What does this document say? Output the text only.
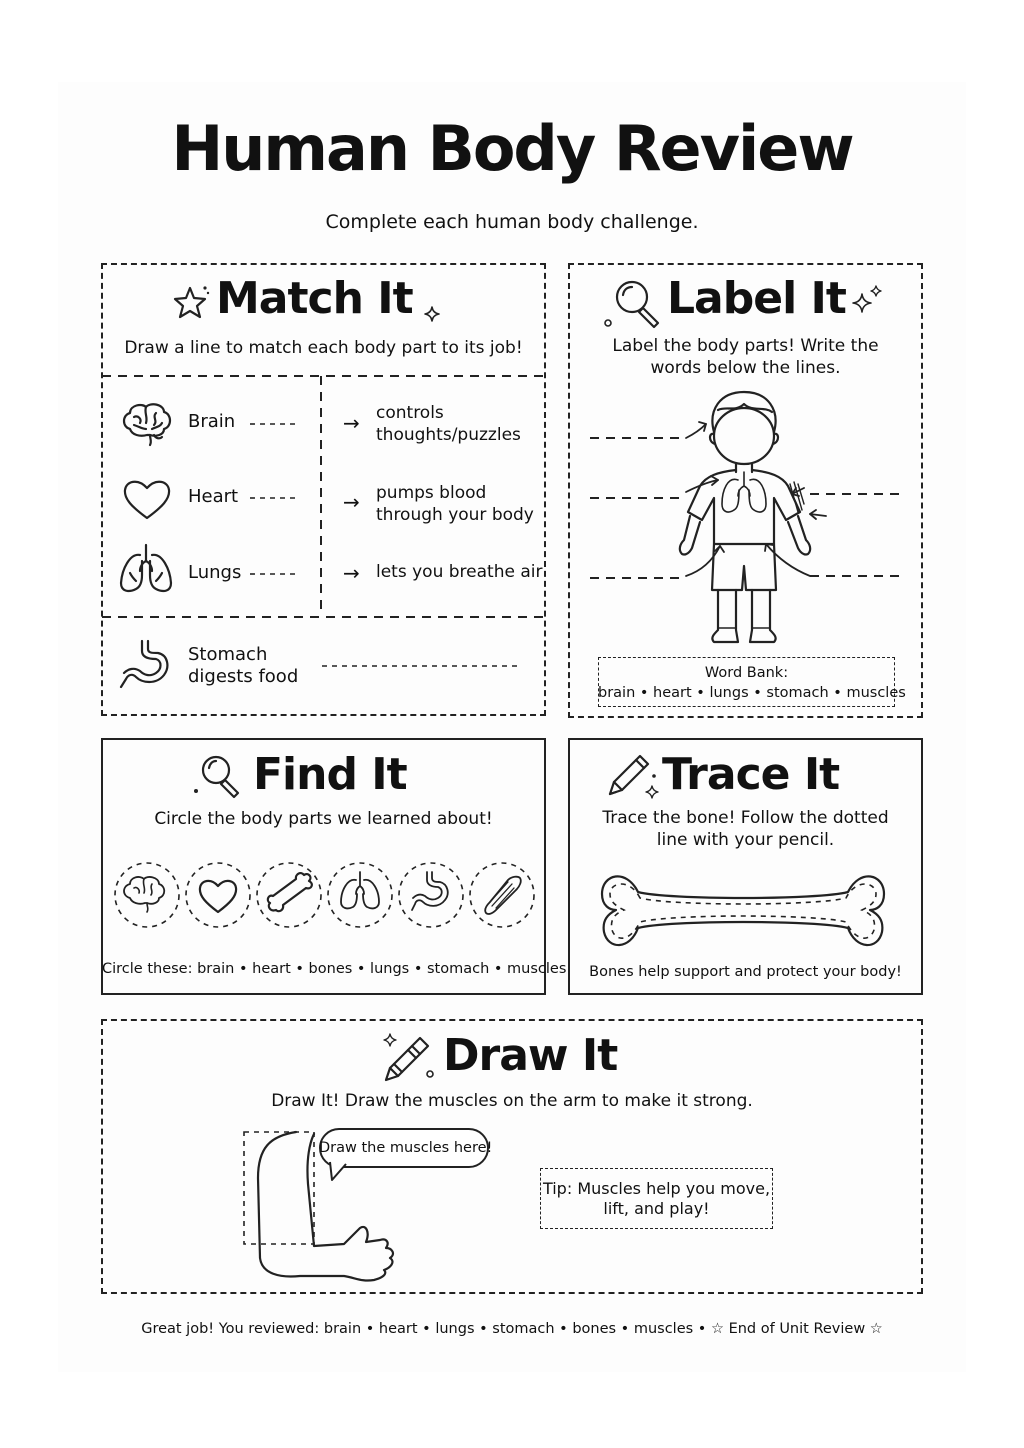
Human Body Review
Complete each human body challenge.
Match It
Draw a line to match each body part to its job!
Brain
Heart
Lungs
→ controls
thoughts/puzzles
→ pumps blood
through your body
→ lets you breathe air
Stomach
digests food
Label It
Label the body parts! Write the
words below the lines.
Word Bank:
brain • heart • lungs • stomach • muscles
Find It
Circle the body parts we learned about!
Circle these: brain • heart • bones • lungs • stomach • muscles
Trace It
Trace the bone! Follow the dotted
line with your pencil.
Bones help support and protect your body!
Draw It
Draw It! Draw the muscles on the arm to make it strong.
Draw the muscles here!
Tip: Muscles help you move,
lift, and play!
Great job! You reviewed: brain • heart • lungs • stomach • bones • muscles • ☆ End of Unit Review ☆
